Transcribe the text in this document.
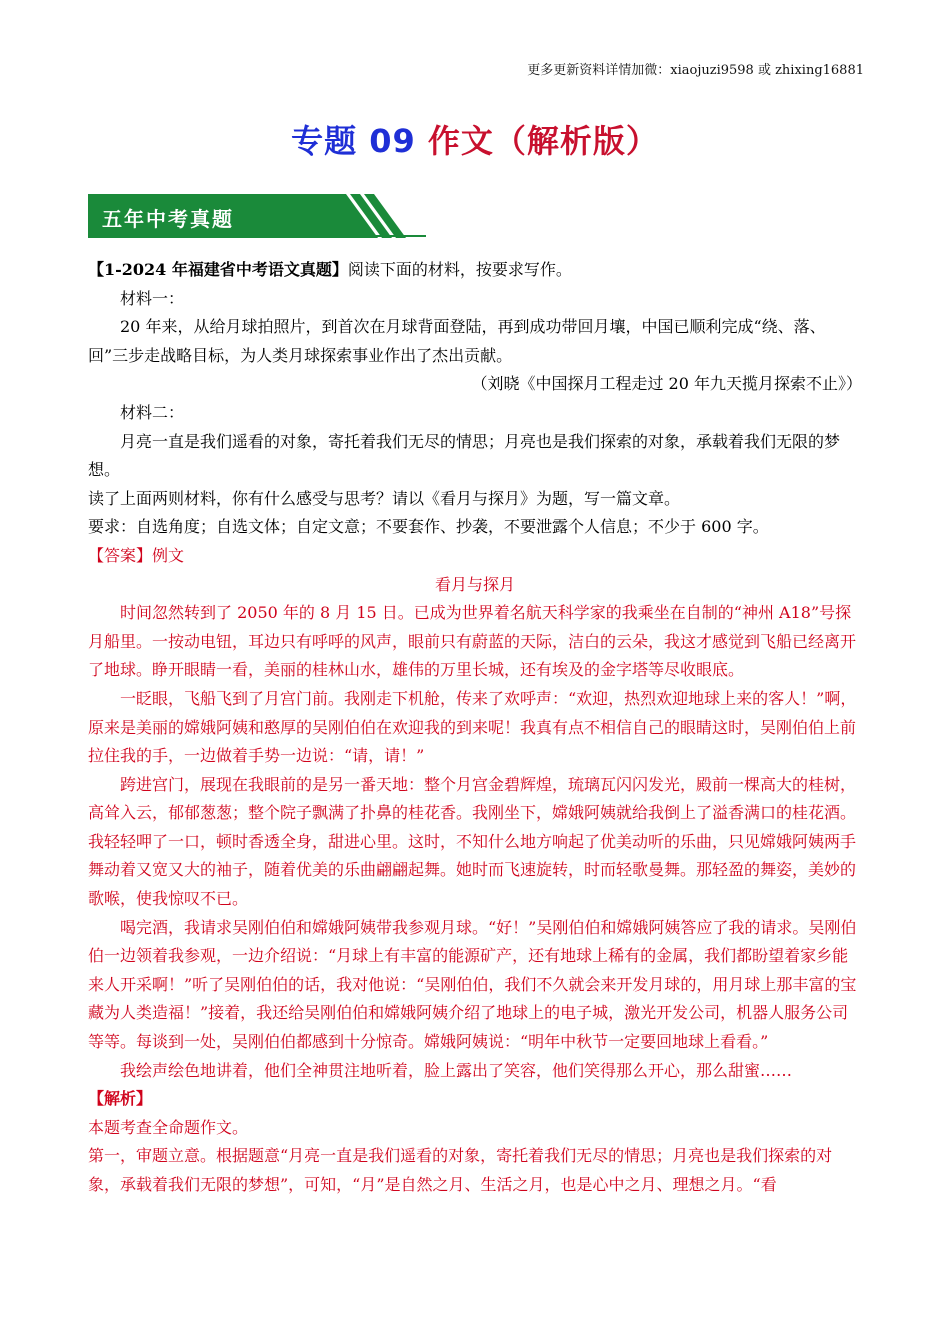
更多更新资料详情加微：xiaojuzi9598 或 zhixing16881
专题 09 作文（解析版）
五年中考真题

【1-2024 年福建省中考语文真题】阅读下面的材料，按要求写作。

材料一：

20 年来，从给月球拍照片，到首次在月球背面登陆，再到成功带回月壤，中国已顺利完成“绕、落、回”三步走战略目标，为人类月球探索事业作出了杰出贡献。

（刘晓《中国探月工程走过 20 年九天揽月探索不止》）

材料二：

月亮一直是我们遥看的对象，寄托着我们无尽的情思；月亮也是我们探索的对象，承载着我们无限的梦想。

读了上面两则材料，你有什么感受与思考？请以《看月与探月》为题，写一篇文章。

要求：自选角度；自选文体；自定文意；不要套作、抄袭，不要泄露个人信息；不少于 600 字。

【答案】例文

看月与探月

时间忽然转到了 2050 年的 8 月 15 日。已成为世界着名航天科学家的我乘坐在自制的“神州 A18”号探月船里。一按动电钮，耳边只有呼呼的风声，眼前只有蔚蓝的天际，洁白的云朵，我这才感觉到飞船已经离开了地球。睁开眼睛一看，美丽的桂林山水，雄伟的万里长城，还有埃及的金字塔等尽收眼底。

一眨眼，飞船飞到了月宫门前。我刚走下机舱，传来了欢呼声：“欢迎，热烈欢迎地球上来的客人！”啊，原来是美丽的嫦娥阿姨和憨厚的吴刚伯伯在欢迎我的到来呢！我真有点不相信自己的眼睛这时，吴刚伯伯上前拉住我的手，一边做着手势一边说：“请，请！”

跨进宫门，展现在我眼前的是另一番天地：整个月宫金碧辉煌，琉璃瓦闪闪发光，殿前一棵高大的桂树，高耸入云，郁郁葱葱；整个院子飘满了扑鼻的桂花香。我刚坐下，嫦娥阿姨就给我倒上了溢香满口的桂花酒。我轻轻呷了一口，顿时香透全身，甜进心里。这时，不知什么地方响起了优美动听的乐曲，只见嫦娥阿姨两手舞动着又宽又大的袖子，随着优美的乐曲翩翩起舞。她时而飞速旋转，时而轻歌曼舞。那轻盈的舞姿，美妙的歌喉，使我惊叹不已。

喝完酒，我请求吴刚伯伯和嫦娥阿姨带我参观月球。“好！”吴刚伯伯和嫦娥阿姨答应了我的请求。吴刚伯伯一边领着我参观，一边介绍说：“月球上有丰富的能源矿产，还有地球上稀有的金属，我们都盼望着家乡能来人开采啊！”听了吴刚伯伯的话，我对他说：“吴刚伯伯，我们不久就会来开发月球的，用月球上那丰富的宝藏为人类造福！”接着，我还给吴刚伯伯和嫦娥阿姨介绍了地球上的电子城，激光开发公司，机器人服务公司等等。每谈到一处，吴刚伯伯都感到十分惊奇。嫦娥阿姨说：“明年中秋节一定要回地球上看看。”

我绘声绘色地讲着，他们全神贯注地听着，脸上露出了笑容，他们笑得那么开心，那么甜蜜……

【解析】

本题考查全命题作文。

第一，审题立意。根据题意“月亮一直是我们遥看的对象，寄托着我们无尽的情思；月亮也是我们探索的对象，承载着我们无限的梦想”，可知，“月”是自然之月、生活之月，也是心中之月、理想之月。“看
